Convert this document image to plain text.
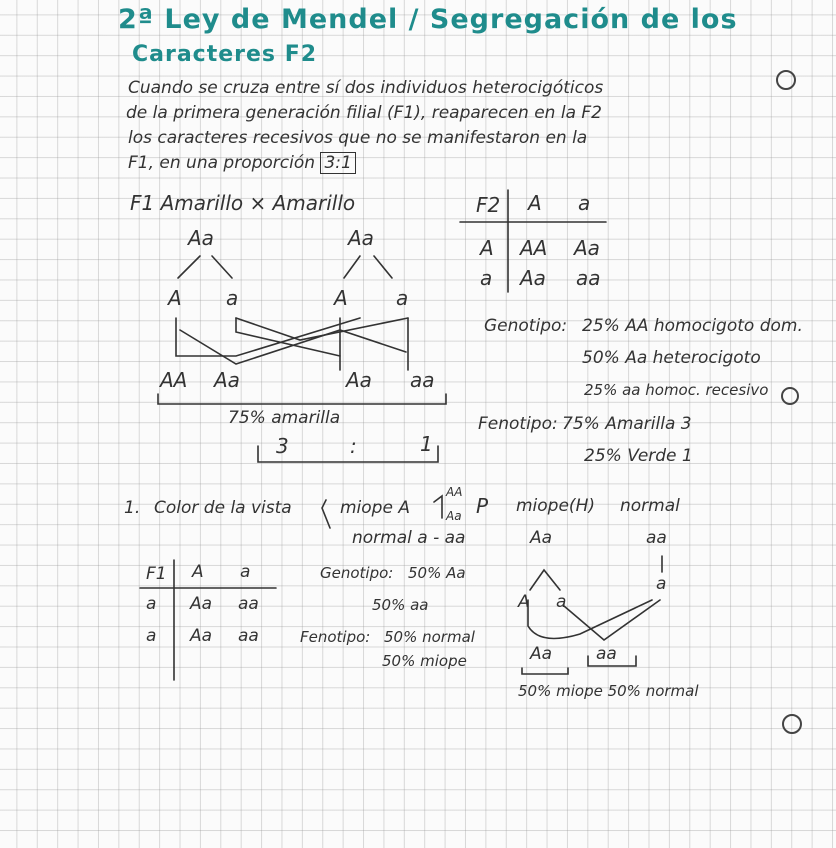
2ª Ley de Mendel / Segregación de los
Caracteres F2
Cuando se cruza entre sí dos individuos heterocigóticos
de la primera generación filial (F1), reaparecen en la F2
los caracteres recesivos que no se manifestaron en la
F1, en una proporción 3:1
F1 Amarillo × Amarillo
Aa	Aa
A a	A a
AA Aa	Aa aa
75% amarilla
3	:	1
F2 A a
A AA Aa
a Aa aa
Genotipo: 25% AA homocigoto dom.
50% Aa heterocigoto
25% aa homoc. recesivo
Fenotipo: 75% Amarilla 3
25% Verde 1
1. Color de la vista	miope A
AA
Aa
normal a - aa
P miope(H) normal
Aa	aa
F1 A a
a Aa aa
a Aa aa
Genotipo: 50% Aa
50% aa
Fenotipo: 50% normal
50% miope
A a
a
Aa	aa
50% miope 50% normal
